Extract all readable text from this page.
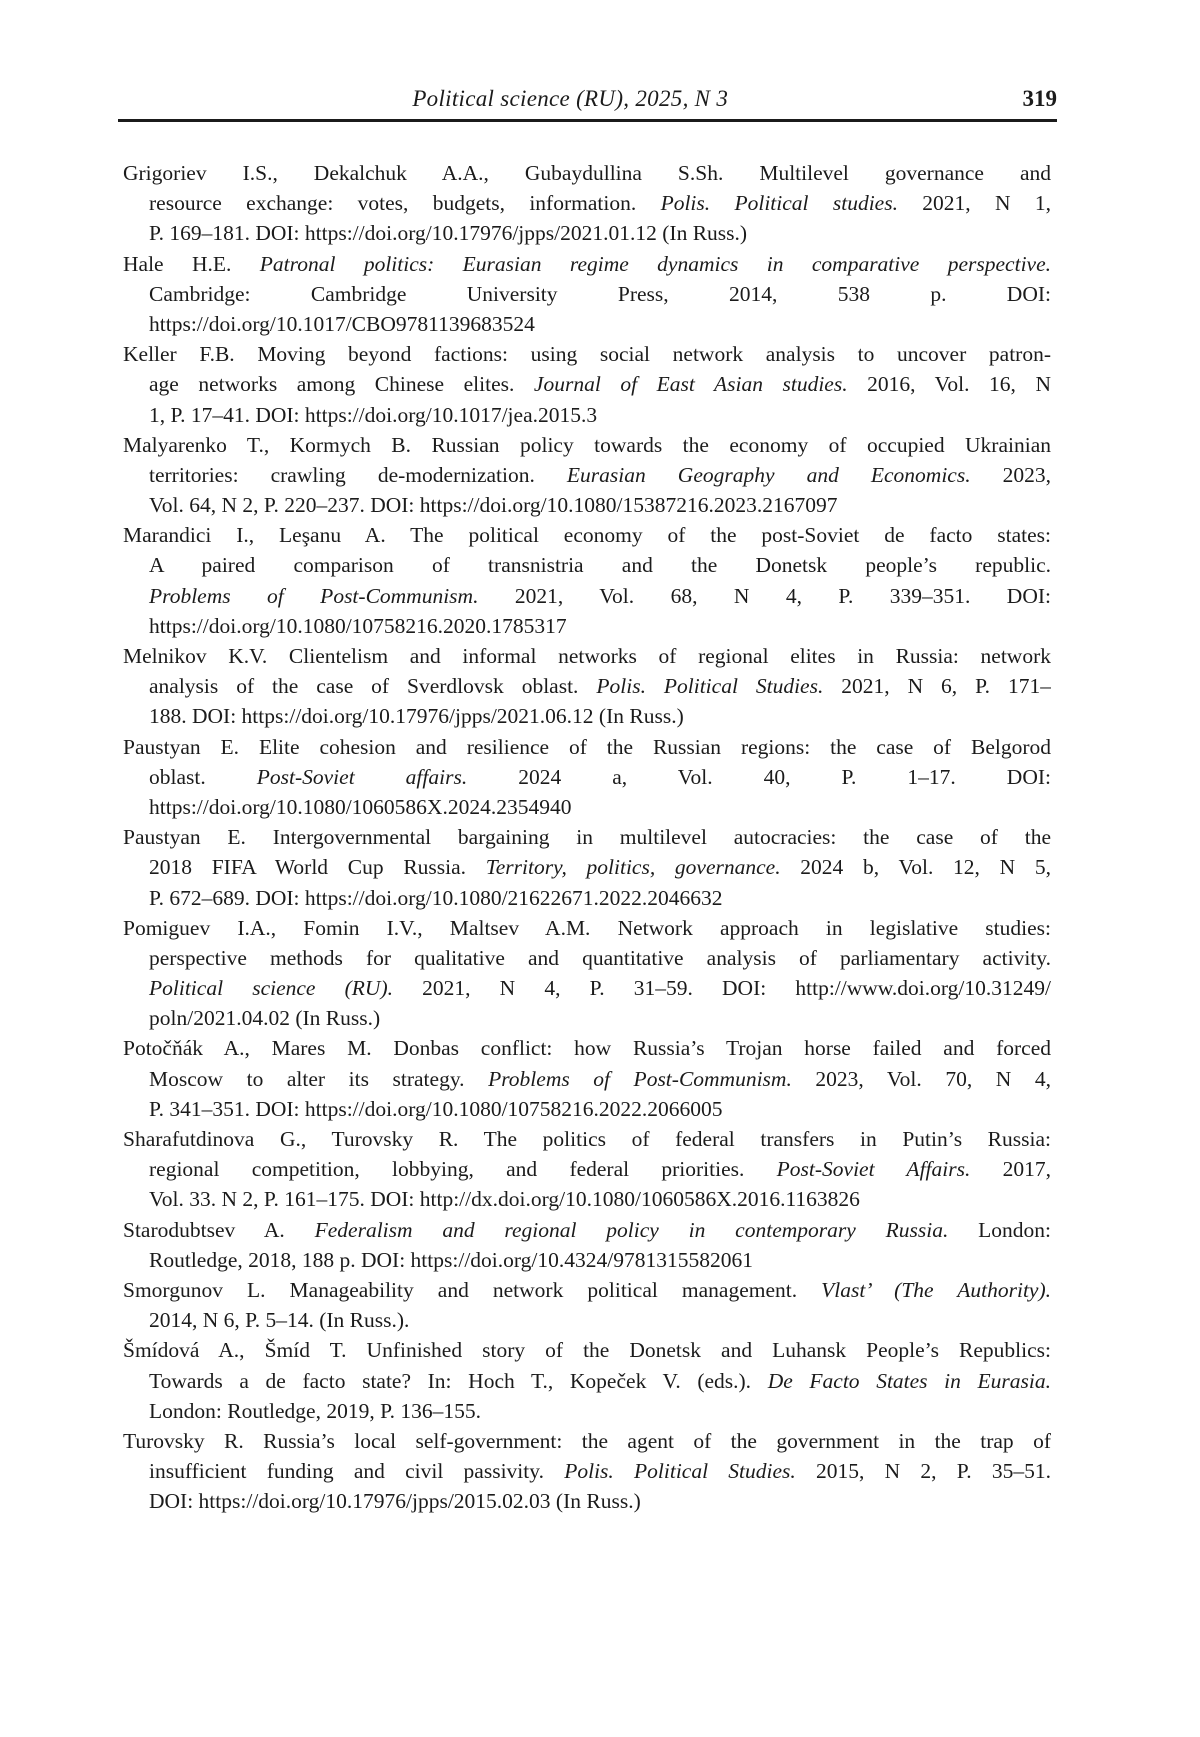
Political science (RU), 2025, N 3	319
Grigoriev I.S., Dekalchuk A.A., Gubaydullina S.Sh. Multilevel governance and
resource exchange: votes, budgets, information. Polis. Political studies. 2021, N 1,
P. 169–181. DOI: https://doi.org/10.17976/jpps/2021.01.12 (In Russ.)
Hale H.E. Patronal politics: Eurasian regime dynamics in comparative perspective.
Cambridge: Cambridge University Press, 2014, 538 p. DOI:
https://doi.org/10.1017/CBO9781139683524
Keller F.B. Moving beyond factions: using social network analysis to uncover patron-
age networks among Chinese elites. Journal of East Asian studies. 2016, Vol. 16, N
1, P. 17–41. DOI: https://doi.org/10.1017/jea.2015.3
Malyarenko T., Kormych B. Russian policy towards the economy of occupied Ukrainian
territories: crawling de-modernization. Eurasian Geography and Economics. 2023,
Vol. 64, N 2, P. 220–237. DOI: https://doi.org/10.1080/15387216.2023.2167097
Marandici I., Leşanu A. The political economy of the post-Soviet de facto states:
A paired comparison of transnistria and the Donetsk people’s republic.
Problems of Post-Communism. 2021, Vol. 68, N 4, P. 339–351. DOI:
https://doi.org/10.1080/10758216.2020.1785317
Melnikov K.V. Clientelism and informal networks of regional elites in Russia: network
analysis of the case of Sverdlovsk oblast. Polis. Political Studies. 2021, N 6, P. 171–
188. DOI: https://doi.org/10.17976/jpps/2021.06.12 (In Russ.)
Paustyan E. Elite cohesion and resilience of the Russian regions: the case of Belgorod
oblast. Post-Soviet affairs. 2024 a, Vol. 40, P. 1–17. DOI:
https://doi.org/10.1080/1060586X.2024.2354940
Paustyan E. Intergovernmental bargaining in multilevel autocracies: the case of the
2018 FIFA World Cup Russia. Territory, politics, governance. 2024 b, Vol. 12, N 5,
P. 672–689. DOI: https://doi.org/10.1080/21622671.2022.2046632
Pomiguev I.A., Fomin I.V., Maltsev A.M. Network approach in legislative studies:
perspective methods for qualitative and quantitative analysis of parliamentary activity.
Political science (RU). 2021, N 4, P. 31–59. DOI: http://www.doi.org/10.31249/
poln/2021.04.02 (In Russ.)
Potočňák A., Mares M. Donbas conflict: how Russia’s Trojan horse failed and forced
Moscow to alter its strategy. Problems of Post-Communism. 2023, Vol. 70, N 4,
P. 341–351. DOI: https://doi.org/10.1080/10758216.2022.2066005
Sharafutdinova G., Turovsky R. The politics of federal transfers in Putin’s Russia:
regional competition, lobbying, and federal priorities. Post-Soviet Affairs. 2017,
Vol. 33. N 2, P. 161–175. DOI: http://dx.doi.org/10.1080/1060586X.2016.1163826
Starodubtsev A. Federalism and regional policy in contemporary Russia. London:
Routledge, 2018, 188 p. DOI: https://doi.org/10.4324/9781315582061
Smorgunov L. Manageability and network political management. Vlast’ (The Authority).
2014, N 6, P. 5–14. (In Russ.).
Šmídová A., Šmíd T. Unfinished story of the Donetsk and Luhansk People’s Republics:
Towards a de facto state? In: Hoch T., Kopeček V. (eds.). De Facto States in Eurasia.
London: Routledge, 2019, P. 136–155.
Turovsky R. Russia’s local self-government: the agent of the government in the trap of
insufficient funding and civil passivity. Polis. Political Studies. 2015, N 2, P. 35–51.
DOI: https://doi.org/10.17976/jpps/2015.02.03 (In Russ.)
